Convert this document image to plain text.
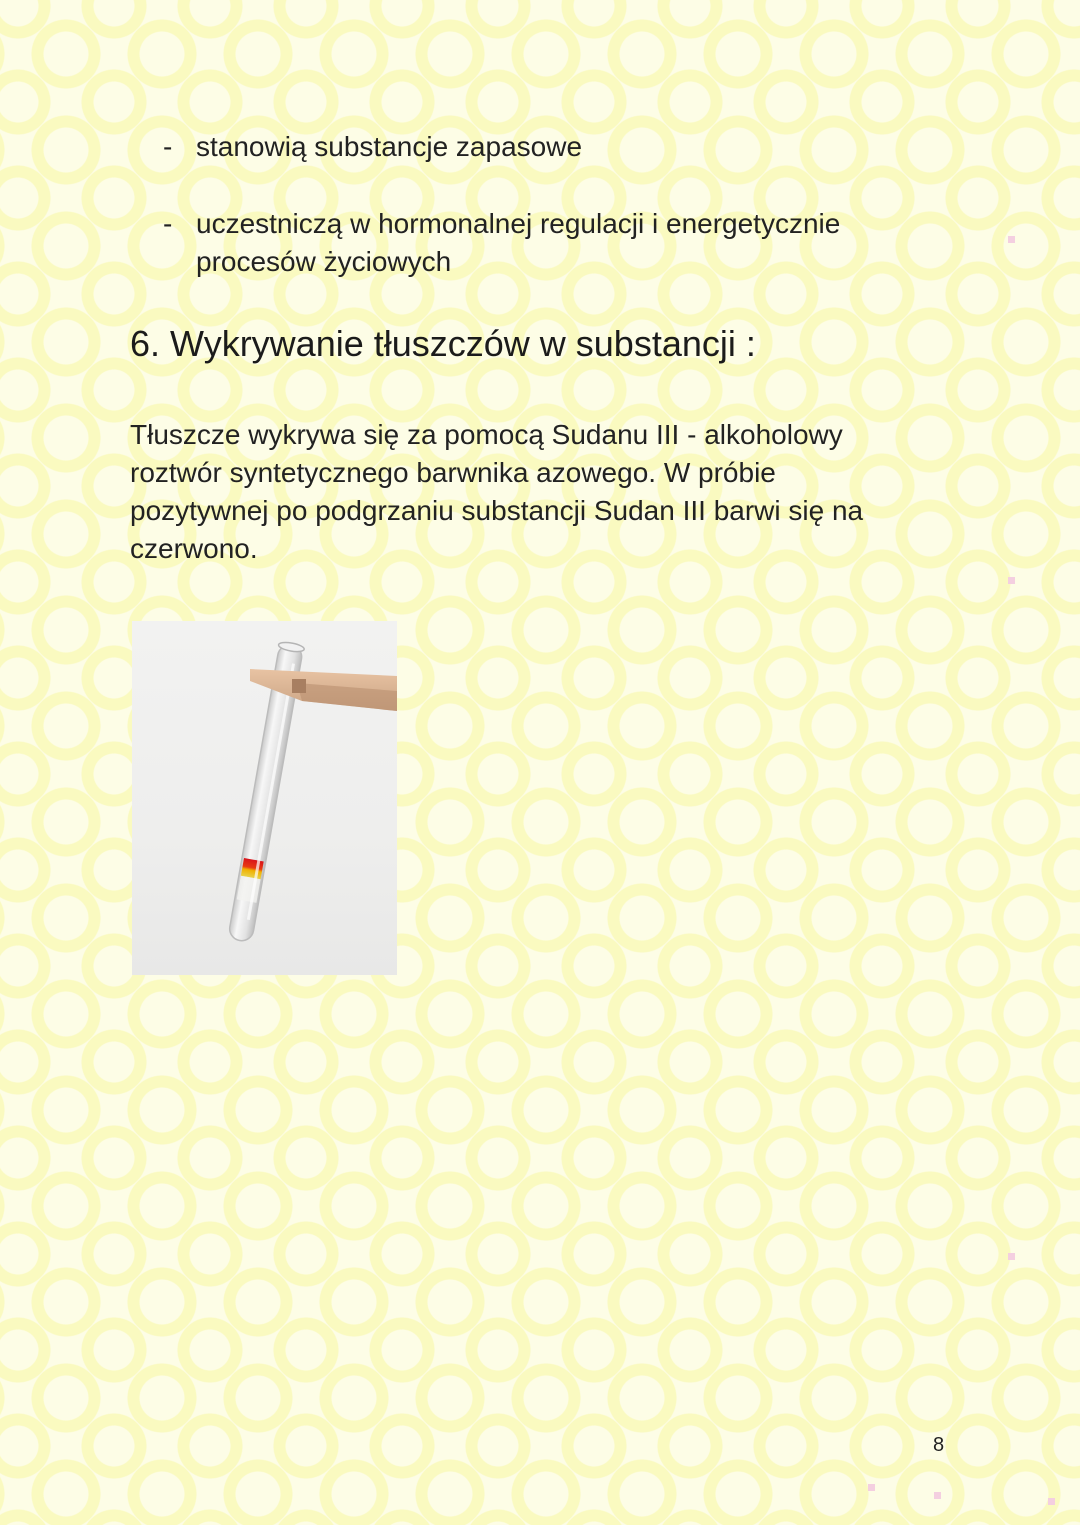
- stanowią substancje zapasowe
- uczestniczą w hormonalnej regulacji i energetycznie procesów życiowych
6. Wykrywanie tłuszczów w substancji :

Tłuszcze wykrywa się za pomocą Sudanu III - alkoholowy roztwór syntetycznego barwnika azowego. W próbie pozytywnej po podgrzaniu substancji Sudan III barwi się na czerwono.

8
